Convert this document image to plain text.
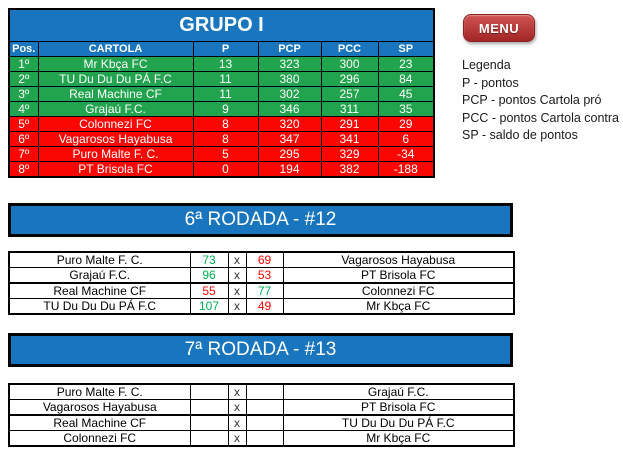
GRUPO I					
Pos.	CARTOLA	P	PCP	PCC	SP
1º	Mr Kbça FC	13	323	300	23
2º	TU Du Du Du PÁ F.C	11	380	296	84
3º	Real Machine CF	11	302	257	45
4º	Grajaú F.C.	9	346	311	35
5º	Colonnezi FC	8	320	291	29
6º	Vagarosos Hayabusa	8	347	341	6
7º	Puro Malte F. C.	5	295	329	-34
8º	PT Brisola FC	0	194	382	-188
MENU
Legenda
P - pontos
PCP - pontos Cartola pró
PCC - pontos Cartola contra
SP - saldo de pontos
6ª RODADA - #12
Puro Malte F. C.	73	x	69	Vagarosos Hayabusa
Grajaú F.C.	96	x	53	PT Brisola FC
Real Machine CF	55	x	77	Colonnezi FC
TU Du Du Du PÁ F.C	107	x	49	Mr Kbça FC
7ª RODADA - #13
Puro Malte F. C.		x		Grajaú F.C.
Vagarosos Hayabusa		x		PT Brisola FC
Real Machine CF		x		TU Du Du Du PÁ F.C
Colonnezi FC		x		Mr Kbça FC
